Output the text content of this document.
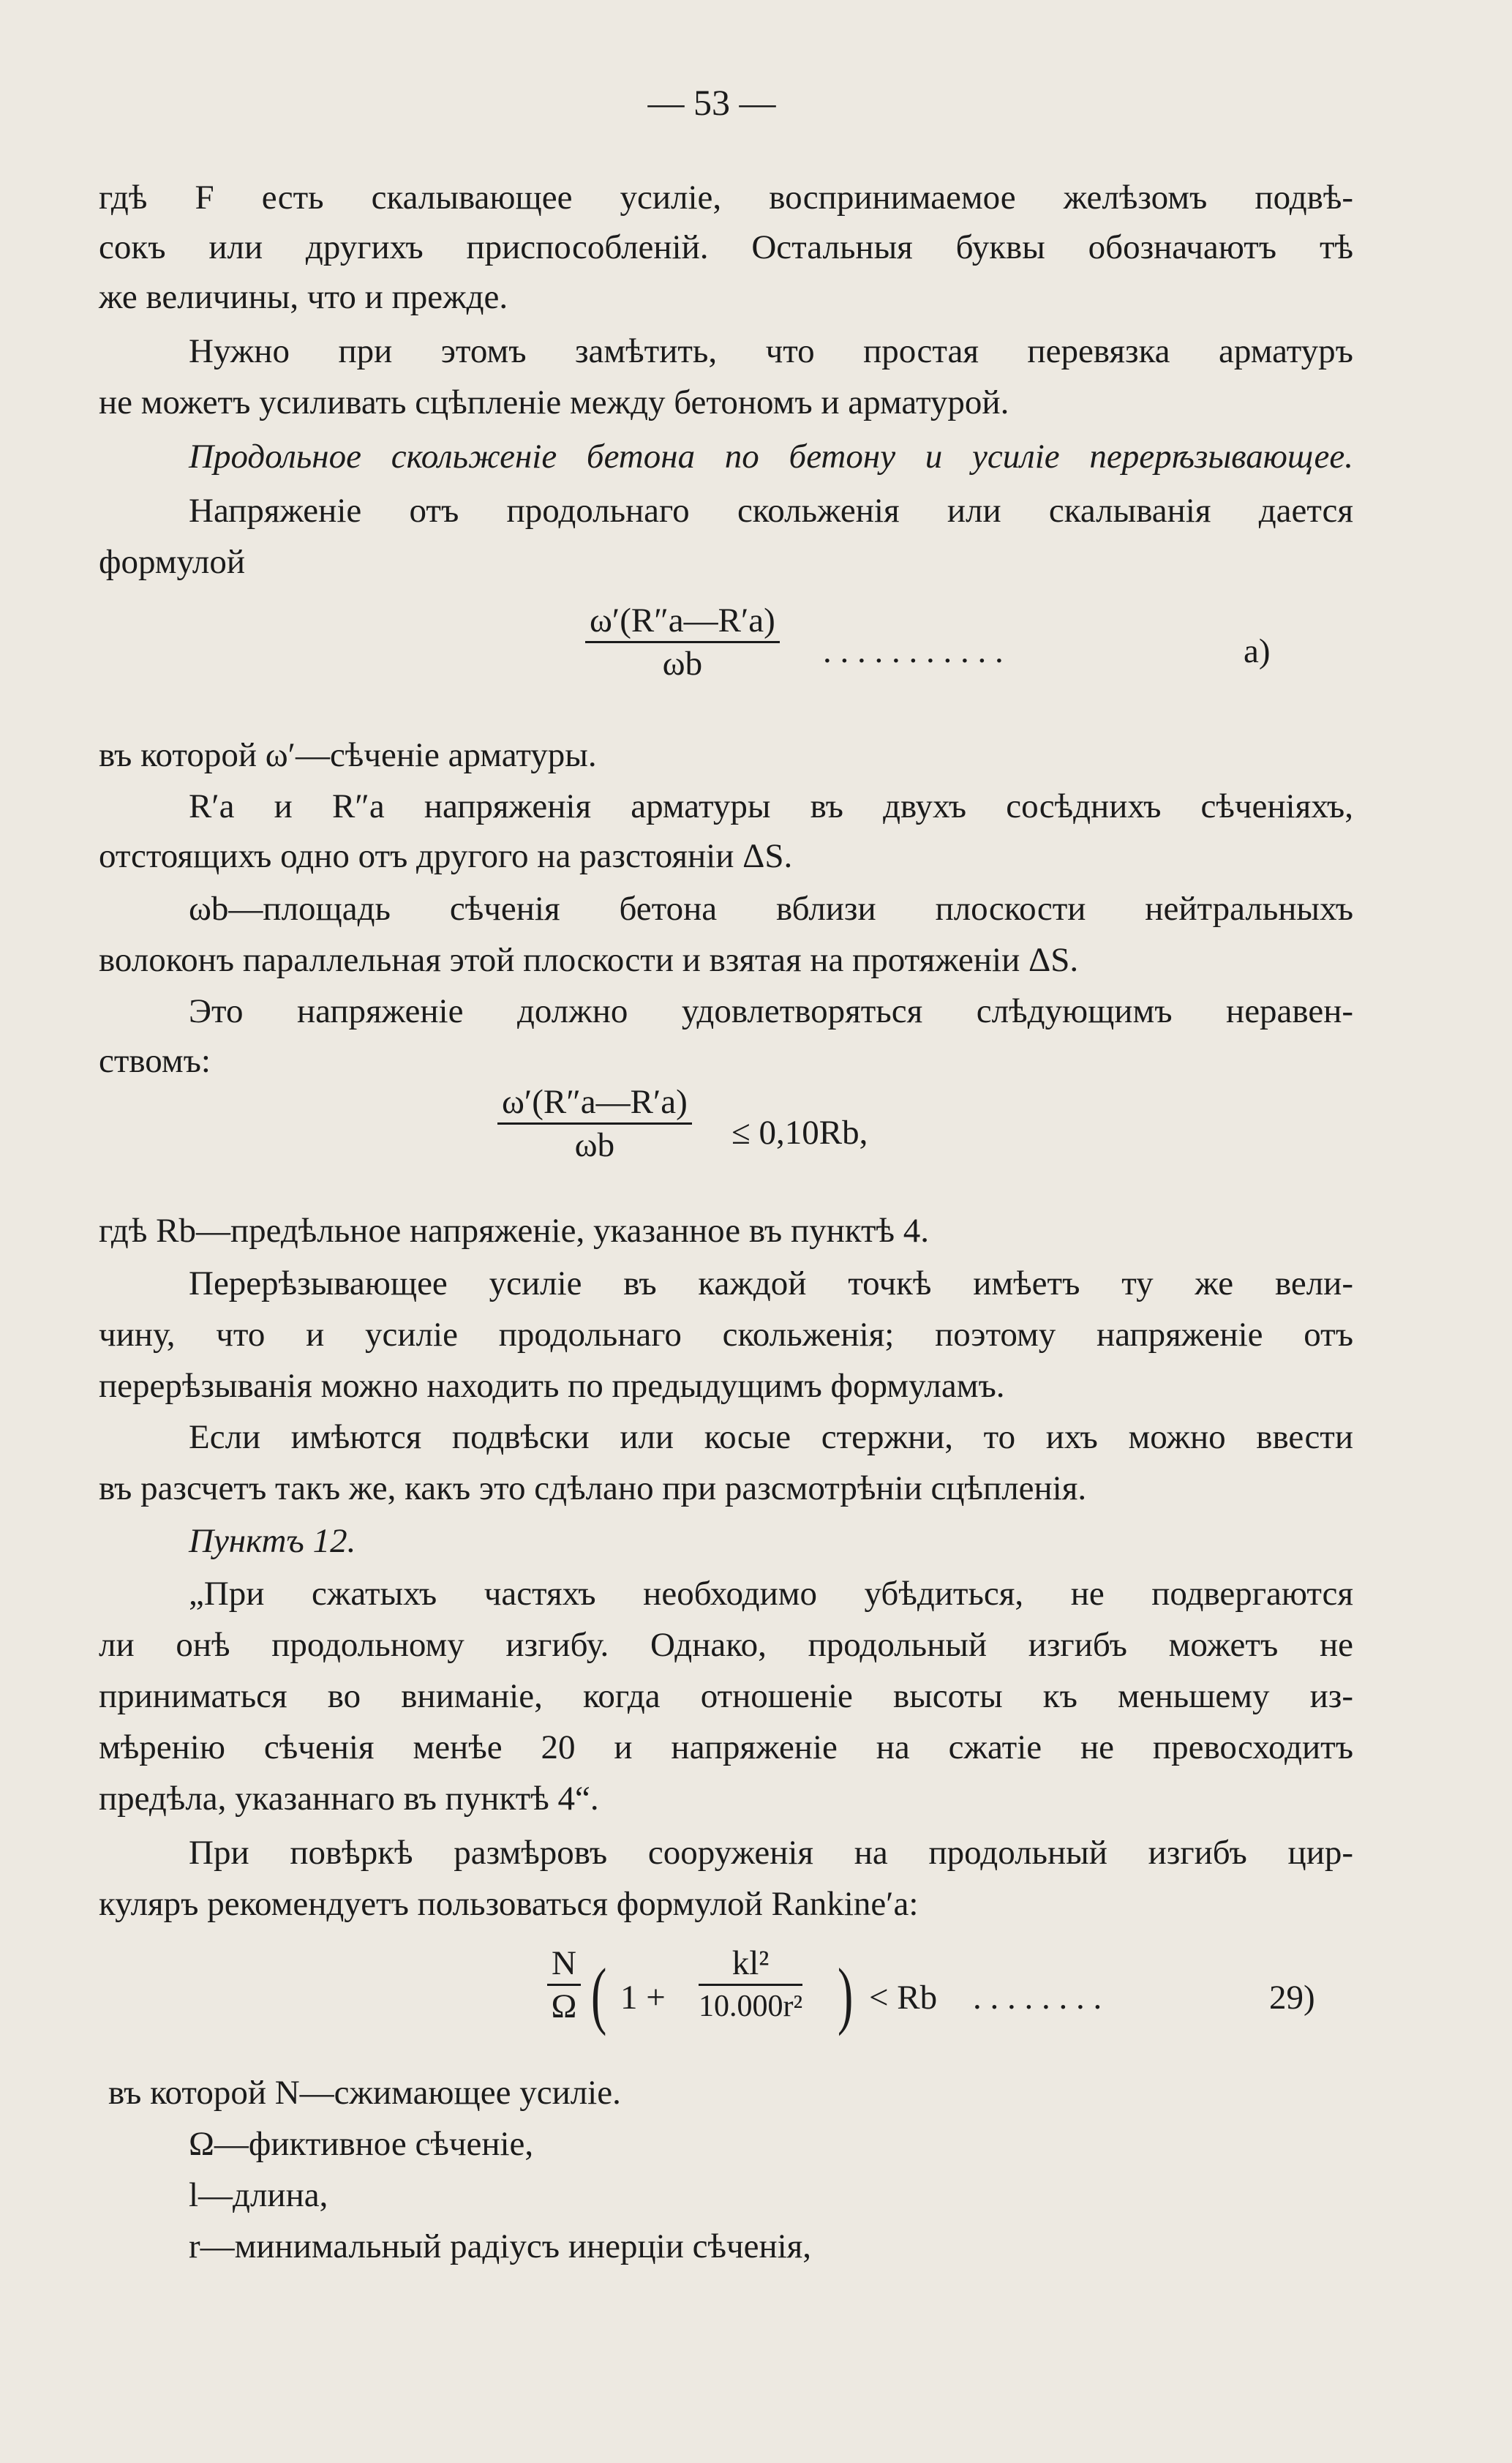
— 53 —
гдѣ F есть скалывающее усиліе, воспринимаемое желѣзомъ подвѣ-
сокъ или другихъ приспособленій. Остальныя буквы обозначаютъ тѣ
же величины, что и прежде.
Нужно при этомъ замѣтить, что простая перевязка арматуръ
не можетъ усиливать сцѣпленіе между бетономъ и арматурой.
Продольное скольженіе бетона по бетону и усиліе перерѣзывающее.
Напряженіе отъ продольнаго скольженія или скалыванія дается
формулой
ω′(R″a—R′a)
ωb	. . . . . . . . . . .	a)
въ которой ω′—сѣченіе арматуры.
R′a и R″a напряженія арматуры въ двухъ сосѣднихъ сѣченіяхъ,
отстоящихъ одно отъ другого на разстояніи ΔS.
ωb—площадь сѣченія бетона вблизи плоскости нейтральныхъ
волоконъ параллельная этой плоскости и взятая на протяженіи ΔS.
Это напряженіе должно удовлетворяться слѣдующимъ неравен-
ствомъ:
ω′(R″a—R′a)
ωb	≤ 0,10Rb,
гдѣ Rb—предѣльное напряженіе, указанное въ пунктѣ 4.
Перерѣзывающее усиліе въ каждой точкѣ имѣетъ ту же вели-
чину, что и усиліе продольнаго скольженія; поэтому напряженіе отъ
перерѣзыванія можно находить по предыдущимъ формуламъ.
Если имѣются подвѣски или косые стержни, то ихъ можно ввести
въ разсчетъ такъ же, какъ это сдѣлано при разсмотрѣніи сцѣпленія.
Пунктъ 12.
„При сжатыхъ частяхъ необходимо убѣдиться, не подвергаются
ли онѣ продольному изгибу. Однако, продольный изгибъ можетъ не
приниматься во вниманіе, когда отношеніе высоты къ меньшему из-
мѣренію сѣченія менѣе 20 и напряженіе на сжатіе не превосходитъ
предѣла, указаннаго въ пунктѣ 4“.
При повѣркѣ размѣровъ сооруженія на продольный изгибъ цир-
куляръ рекомендуетъ пользоваться формулой Rankine′a:
N
Ω ( 1 +
kl²
10.000r² ) < Rb . . . . . . . .	29)
въ которой N—сжимающее усиліе.
Ω—фиктивное сѣченіе,
l—длина,
r—минимальный радіусъ инерціи сѣченія,
